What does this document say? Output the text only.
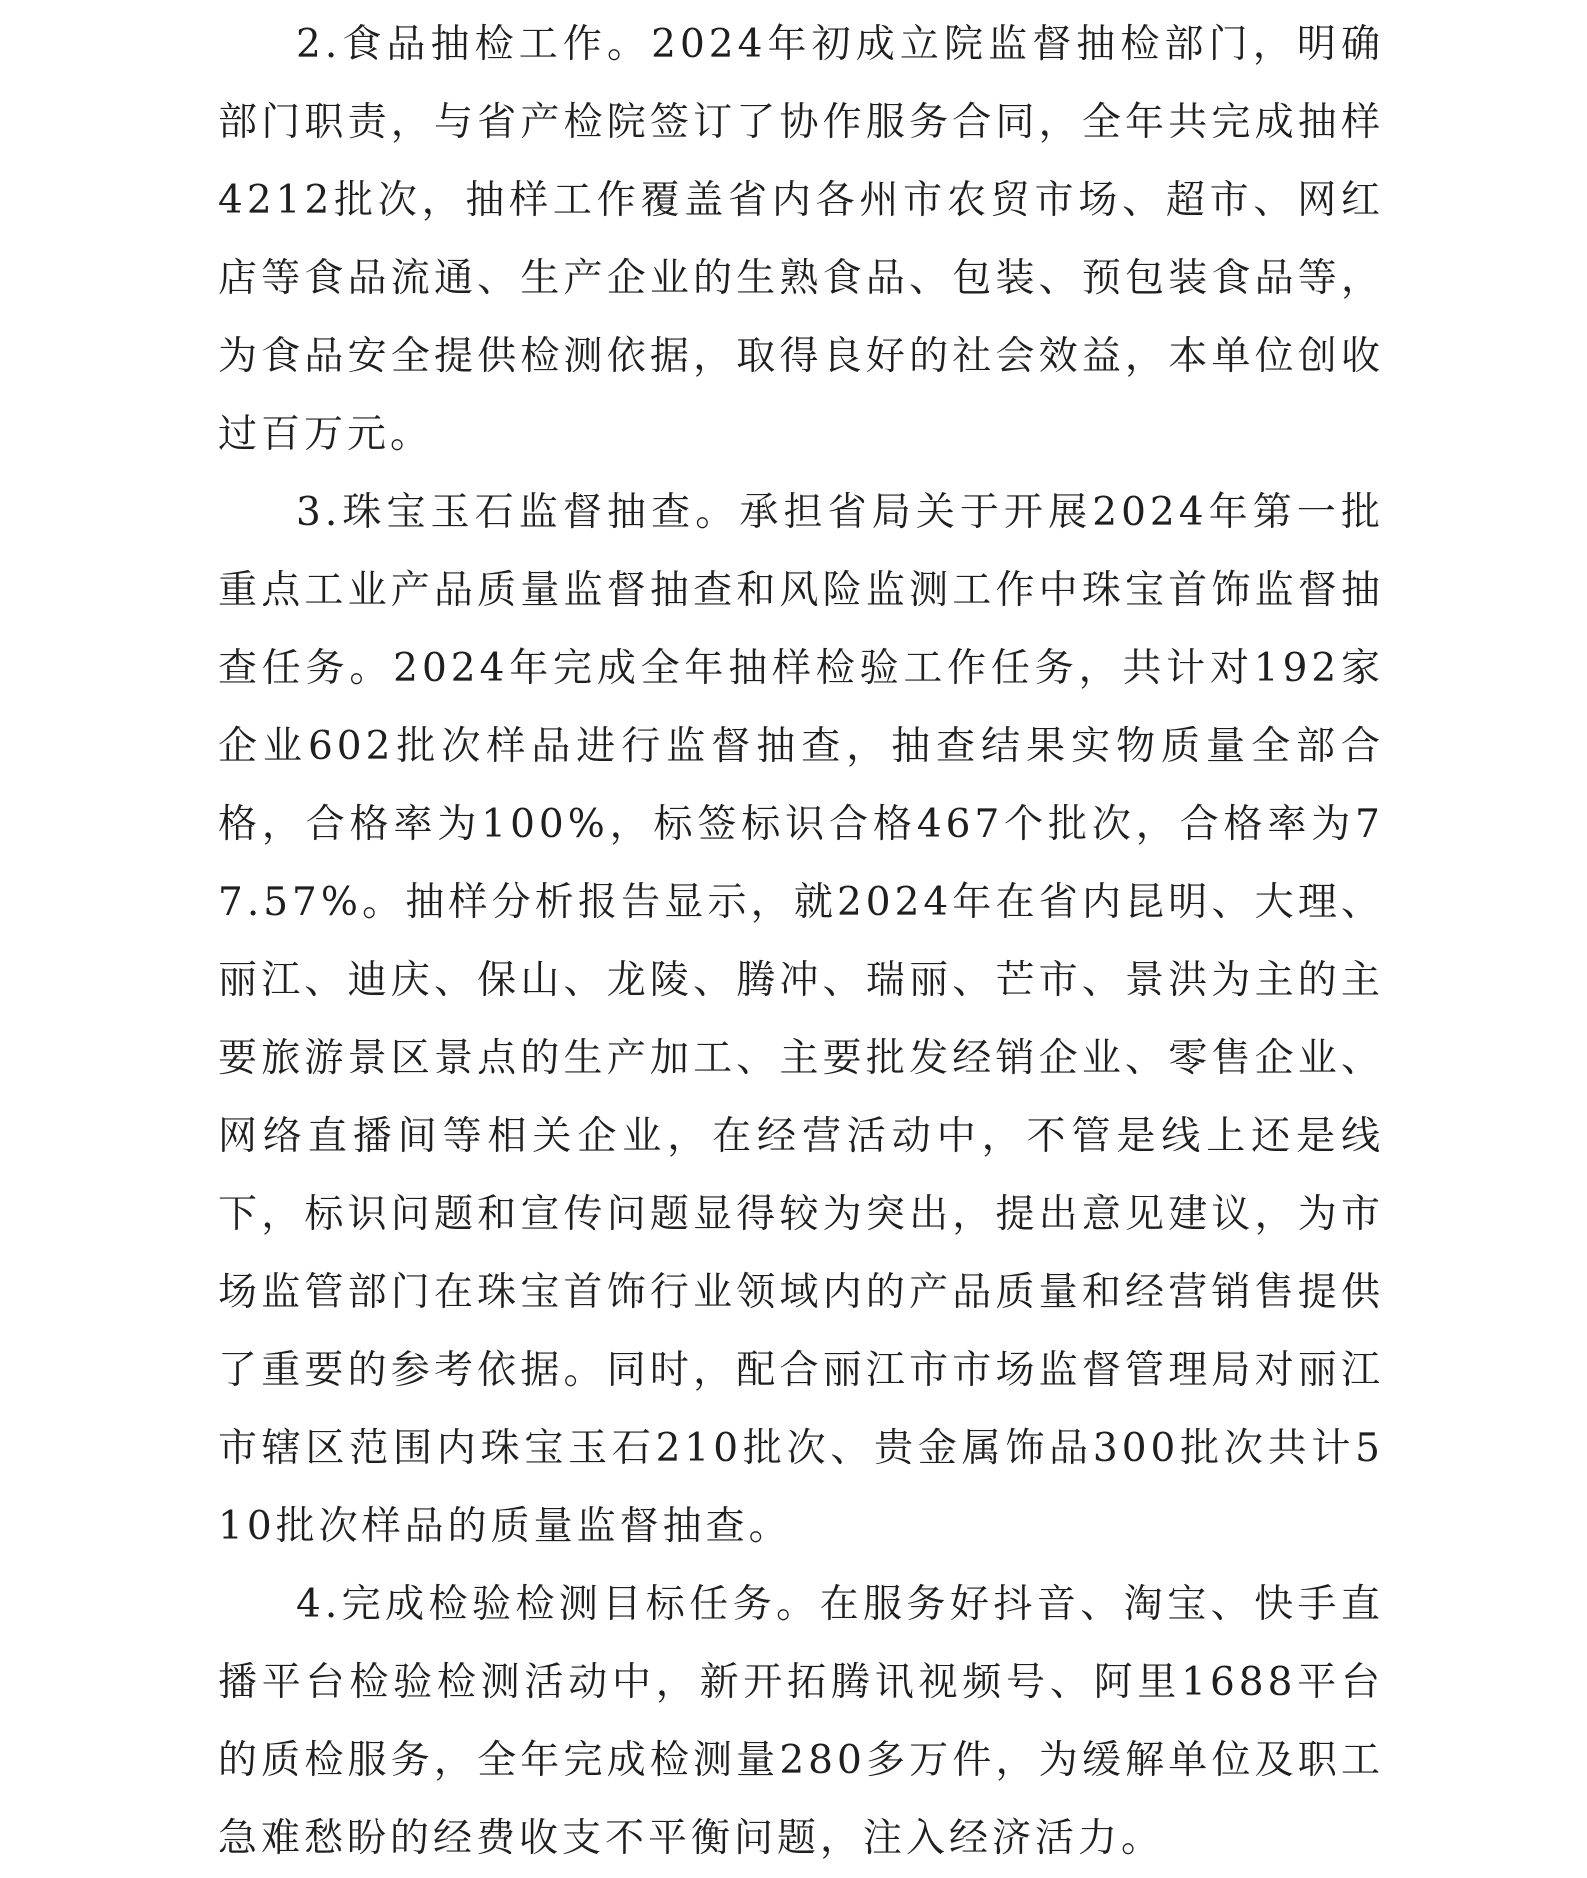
2.食品抽检工作。2024年初成立院监督抽检部门，明确部门职责，与省产检院签订了协作服务合同，全年共完成抽样4212批次，抽样工作覆盖省内各州市农贸市场、超市、网红店等食品流通、生产企业的生熟食品、包装、预包装食品等，为食品安全提供检测依据，取得良好的社会效益，本单位创收过百万元。

3.珠宝玉石监督抽查。承担省局关于开展2024年第一批重点工业产品质量监督抽查和风险监测工作中珠宝首饰监督抽查任务。2024年完成全年抽样检验工作任务，共计对192家企业602批次样品进行监督抽查，抽查结果实物质量全部合格，合格率为100%，标签标识合格467个批次，合格率为77.57%。抽样分析报告显示，就2024年在省内昆明、大理、丽江、迪庆、保山、龙陵、腾冲、瑞丽、芒市、景洪为主的主要旅游景区景点的生产加工、主要批发经销企业、零售企业、网络直播间等相关企业，在经营活动中，不管是线上还是线下，标识问题和宣传问题显得较为突出，提出意见建议，为市场监管部门在珠宝首饰行业领域内的产品质量和经营销售提供了重要的参考依据。同时，配合丽江市市场监督管理局对丽江市辖区范围内珠宝玉石210批次、贵金属饰品300批次共计510批次样品的质量监督抽查。

4.完成检验检测目标任务。在服务好抖音、淘宝、快手直播平台检验检测活动中，新开拓腾讯视频号、阿里1688平台的质检服务，全年完成检测量280多万件，为缓解单位及职工急难愁盼的经费收支不平衡问题，注入经济活力。
